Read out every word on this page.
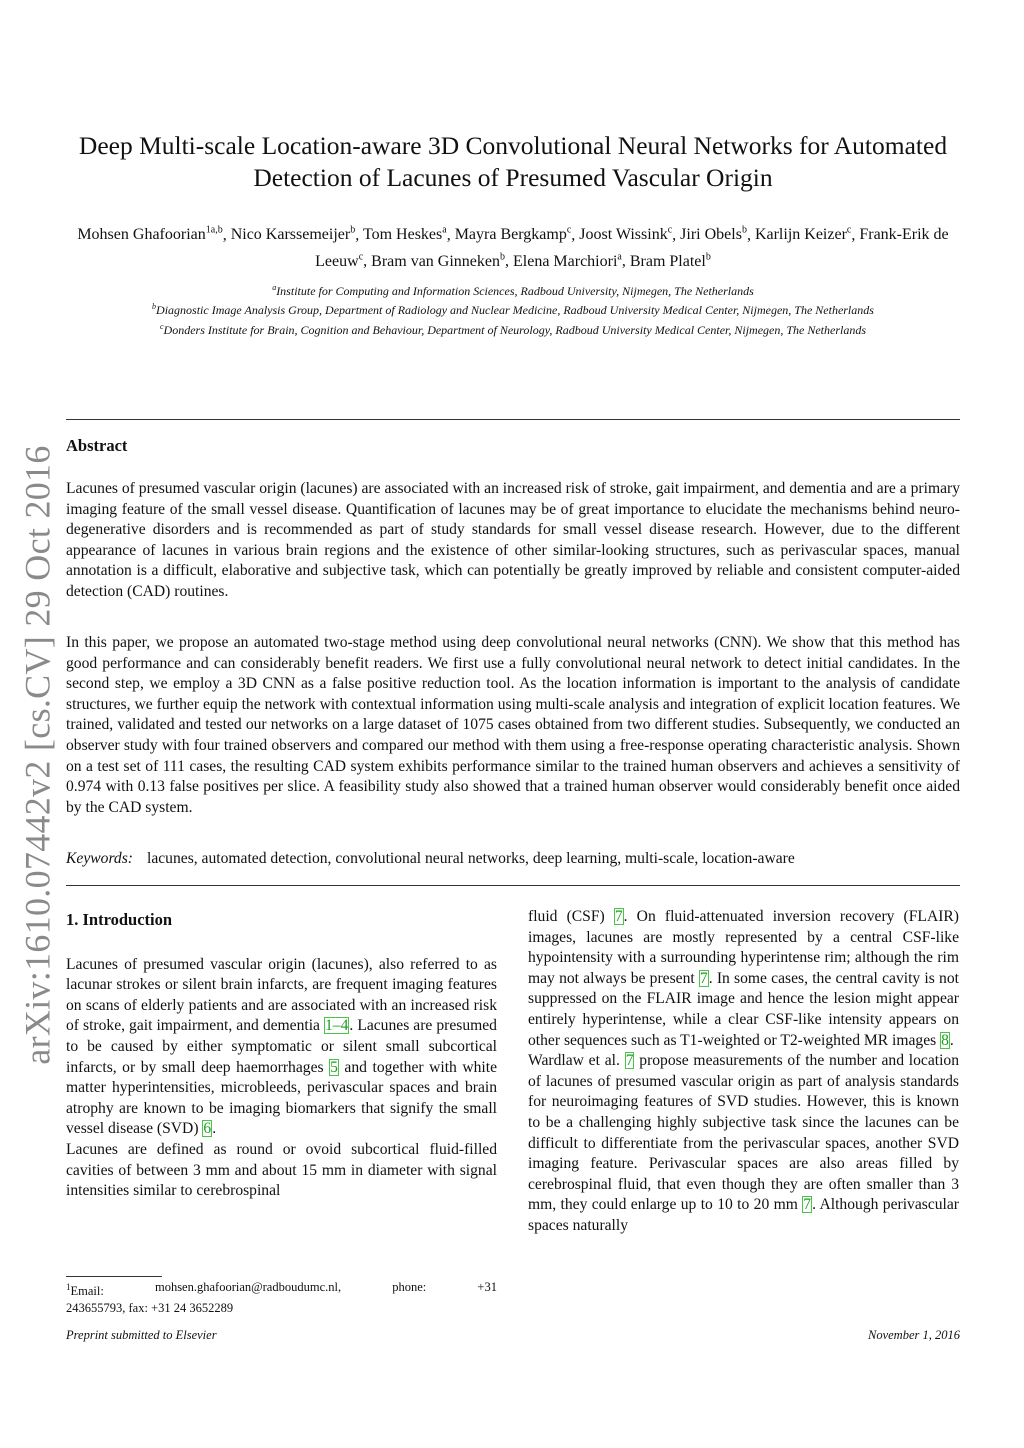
arXiv:1610.07442v2 [cs.CV] 29 Oct 2016
Deep Multi-scale Location-aware 3D Convolutional Neural Networks for Automated Detection of Lacunes of Presumed Vascular Origin
Mohsen Ghafoorian$^{1a,b}$, Nico Karssemeijer$^b$, Tom Heskes$^a$, Mayra Bergkamp$^c$, Joost Wissink$^c$, Jiri Obels$^b$, Karlijn Keizer$^c$, Frank-Erik de Leeuw$^c$, Bram van Ginneken$^b$, Elena Marchiori$^a$, Bram Platel$^b$
$^a$Institute for Computing and Information Sciences, Radboud University, Nijmegen, The Netherlands
$^b$Diagnostic Image Analysis Group, Department of Radiology and Nuclear Medicine, Radboud University Medical Center, Nijmegen, The Netherlands
$^c$Donders Institute for Brain, Cognition and Behaviour, Department of Neurology, Radboud University Medical Center, Nijmegen, The Netherlands
Abstract

Lacunes of presumed vascular origin (lacunes) are associated with an increased risk of stroke, gait impairment, and dementia and are a primary imaging feature of the small vessel disease. Quantification of lacunes may be of great importance to elucidate the mechanisms behind neuro-degenerative disorders and is recommended as part of study standards for small vessel disease research. However, due to the different appearance of lacunes in various brain regions and the existence of other similar-looking structures, such as perivascular spaces, manual annotation is a difficult, elaborative and subjective task, which can potentially be greatly improved by reliable and consistent computer-aided detection (CAD) routines.

In this paper, we propose an automated two-stage method using deep convolutional neural networks (CNN). We show that this method has good performance and can considerably benefit readers. We first use a fully convolutional neural network to detect initial candidates. In the second step, we employ a 3D CNN as a false positive reduction tool. As the location information is important to the analysis of candidate structures, we further equip the network with contextual information using multi-scale analysis and integration of explicit location features. We trained, validated and tested our networks on a large dataset of 1075 cases obtained from two different studies. Subsequently, we conducted an observer study with four trained observers and compared our method with them using a free-response operating characteristic analysis. Shown on a test set of 111 cases, the resulting CAD system exhibits performance similar to the trained human observers and achieves a sensitivity of 0.974 with 0.13 false positives per slice. A feasibility study also showed that a trained human observer would considerably benefit once aided by the CAD system.

Keywords: lacunes, automated detection, convolutional neural networks, deep learning, multi-scale, location-aware
1. Introduction

Lacunes of presumed vascular origin (lacunes), also referred to as lacunar strokes or silent brain infarcts, are frequent imaging features on scans of elderly patients and are associated with an increased risk of stroke, gait impairment, and dementia 1–4. Lacunes are presumed to be caused by either symptomatic or silent small subcortical infarcts, or by small deep haemorrhages 5 and together with white matter hyperintensities, microbleeds, perivascular spaces and brain atrophy are known to be imaging biomarkers that signify the small vessel disease (SVD) 6.

Lacunes are defined as round or ovoid subcortical fluid-filled cavities of between 3 mm and about 15 mm in diameter with signal intensities similar to cerebrospinal

fluid (CSF) 7. On fluid-attenuated inversion recovery (FLAIR) images, lacunes are mostly represented by a central CSF-like hypointensity with a surrounding hyperintense rim; although the rim may not always be present 7. In some cases, the central cavity is not suppressed on the FLAIR image and hence the lesion might appear entirely hyperintense, while a clear CSF-like intensity appears on other sequences such as T1-weighted or T2-weighted MR images 8.

Wardlaw et al. 7 propose measurements of the number and location of lacunes of presumed vascular origin as part of analysis standards for neuroimaging features of SVD studies. However, this is known to be a challenging highly subjective task since the lacunes can be difficult to differentiate from the perivascular spaces, another SVD imaging feature. Perivascular spaces are also areas filled by cerebrospinal fluid, that even though they are often smaller than 3 mm, they could enlarge up to 10 to 20 mm 7. Although perivascular spaces naturally

$^1$Email:	mohsen.ghafoorian@radboudumc.nl,	phone:	+31
243655793, fax: +31 24 3652289
Preprint submitted to Elsevier	November 1, 2016
